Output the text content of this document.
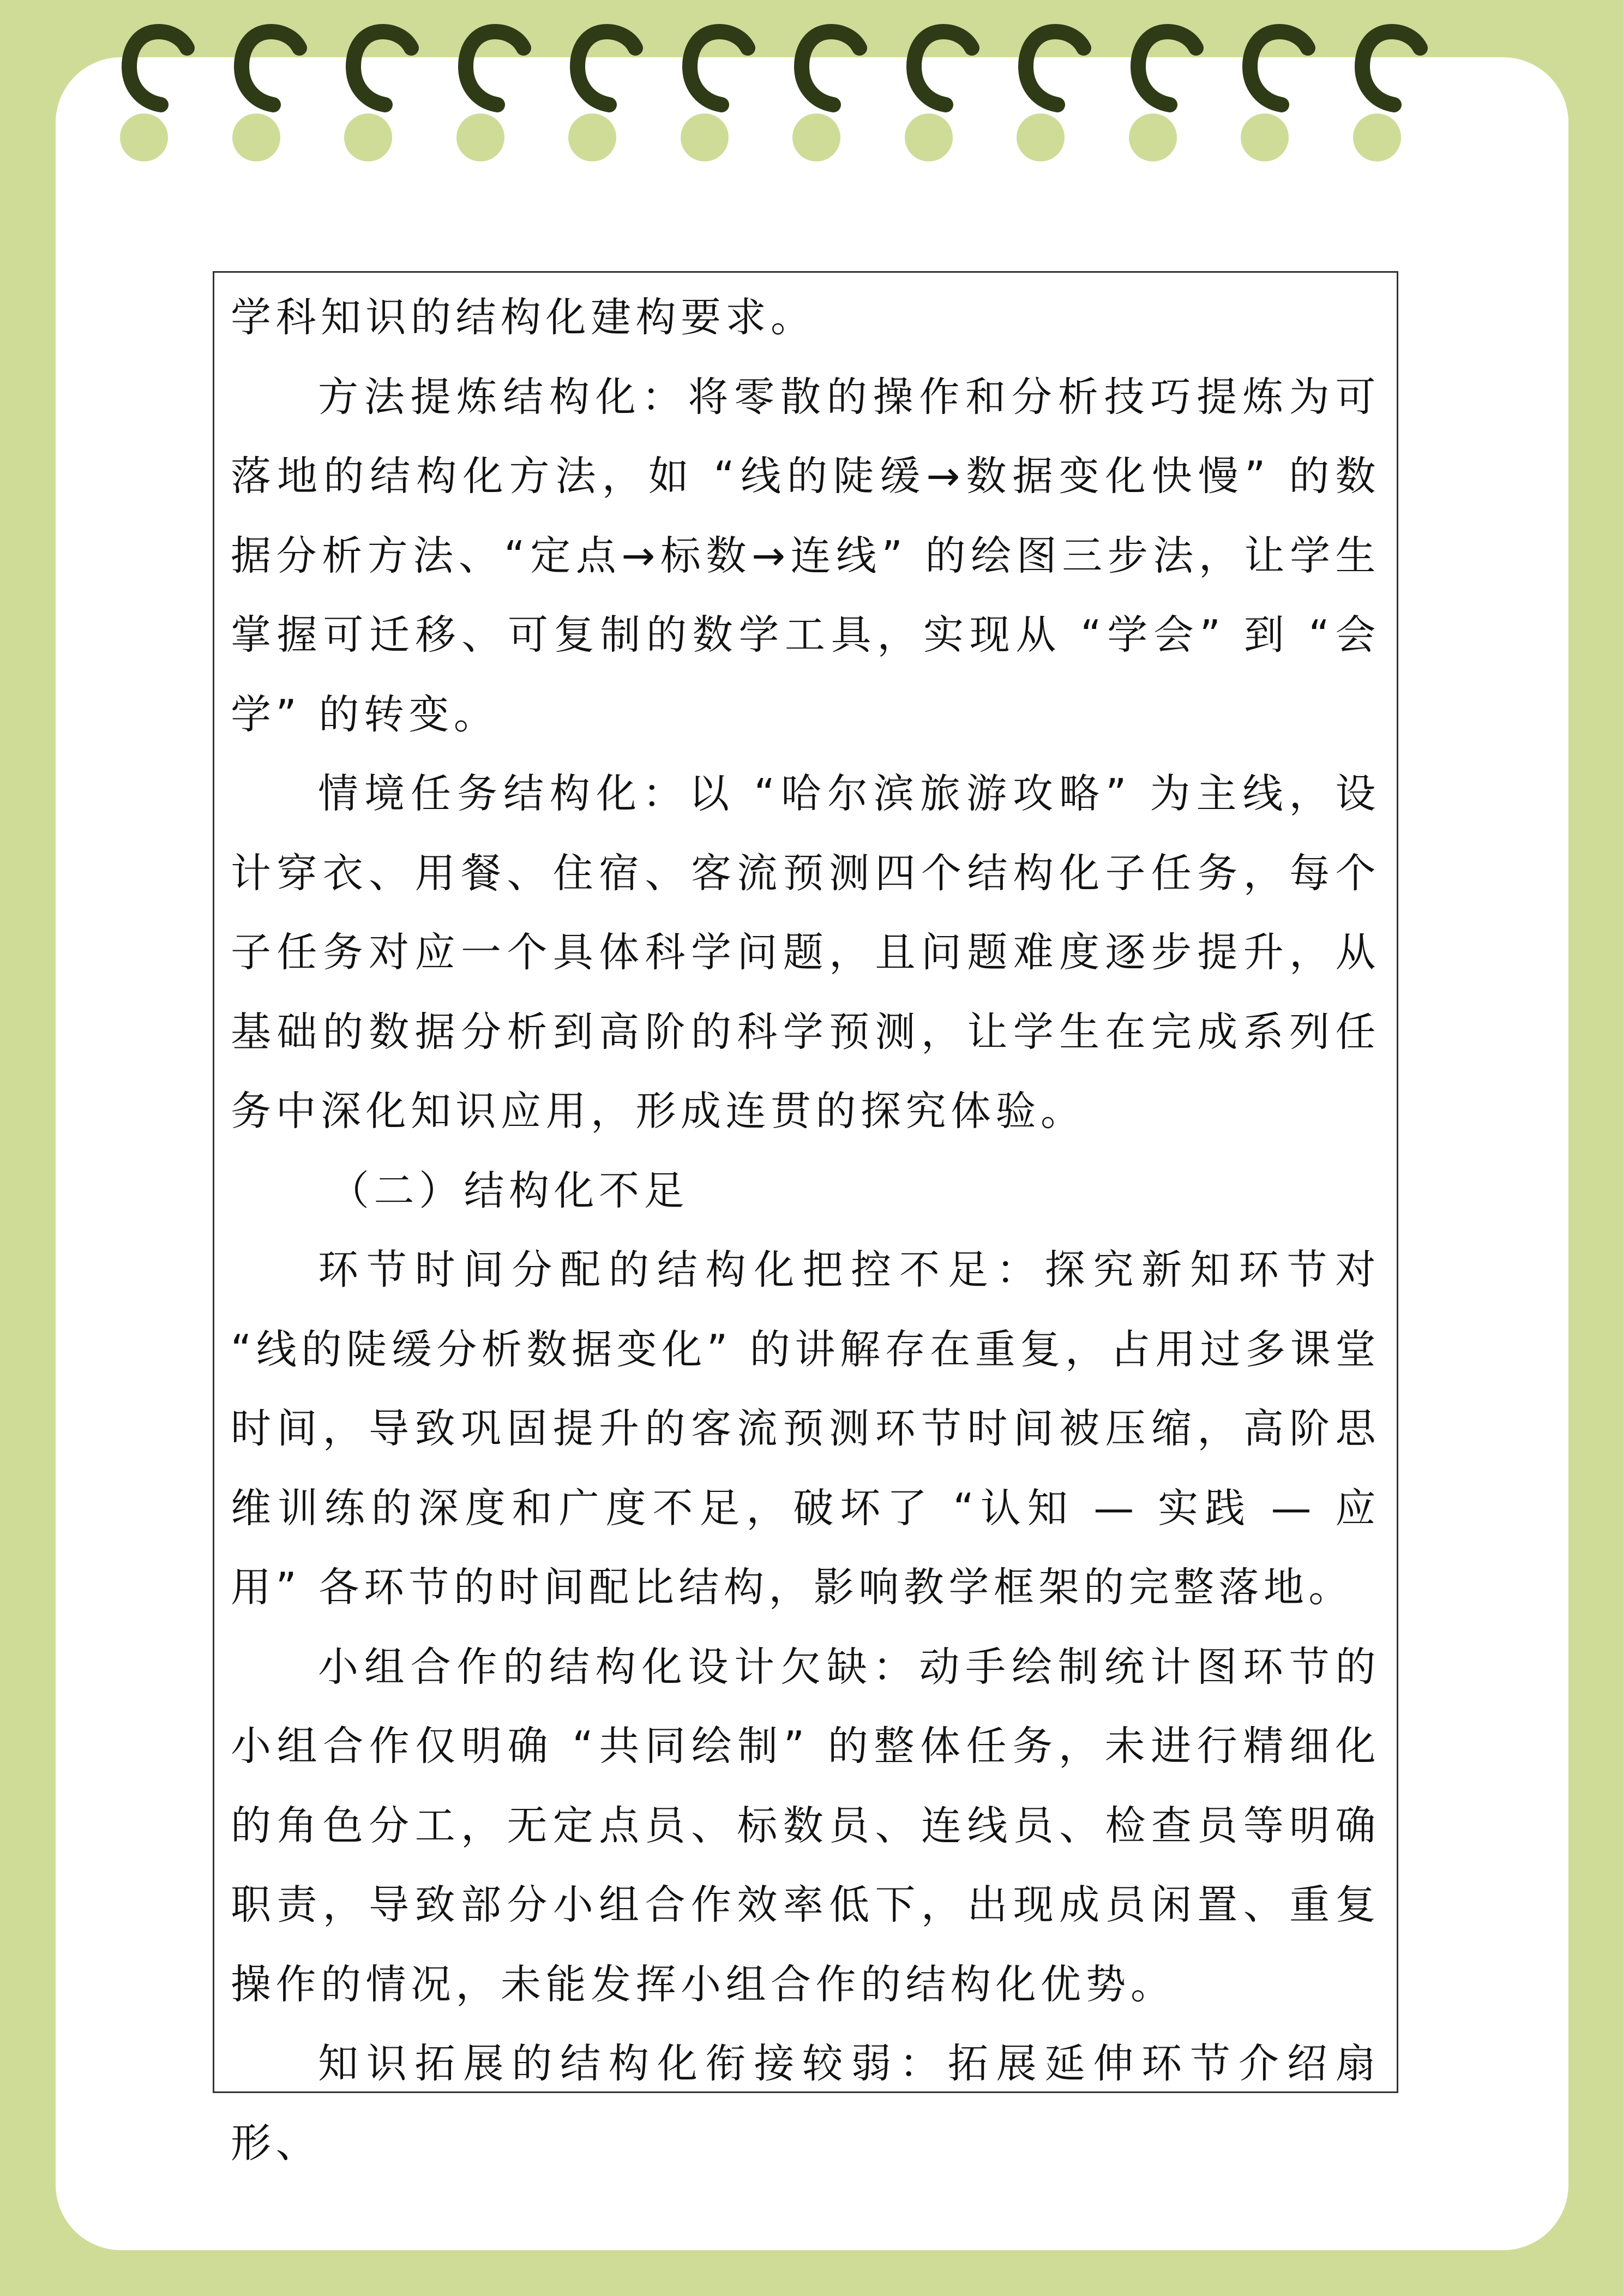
学科知识的结构化建构要求。

方法提炼结构化：将零散的操作和分析技巧提炼为可落地的结构化方法，如 “线的陡缓→数据变化快慢” 的数据分析方法、“定点→标数→连线” 的绘图三步法，让学生掌握可迁移、可复制的数学工具，实现从 “学会” 到 “会学” 的转变。

情境任务结构化：以 “哈尔滨旅游攻略” 为主线，设计穿衣、用餐、住宿、客流预测四个结构化子任务，每个子任务对应一个具体科学问题，且问题难度逐步提升，从基础的数据分析到高阶的科学预测，让学生在完成系列任务中深化知识应用，形成连贯的探究体验。

（二）结构化不足

环节时间分配的结构化把控不足：探究新知环节对 “线的陡缓分析数据变化” 的讲解存在重复，占用过多课堂时间，导致巩固提升的客流预测环节时间被压缩，高阶思维训练的深度和广度不足，破坏了 “认知 — 实践 — 应用” 各环节的时间配比结构，影响教学框架的完整落地。

小组合作的结构化设计欠缺：动手绘制统计图环节的小组合作仅明确 “共同绘制” 的整体任务，未进行精细化的角色分工，无定点员、标数员、连线员、检查员等明确职责，导致部分小组合作效率低下，出现成员闲置、重复操作的情况，未能发挥小组合作的结构化优势。

知识拓展的结构化衔接较弱：拓展延伸环节介绍扇形、
